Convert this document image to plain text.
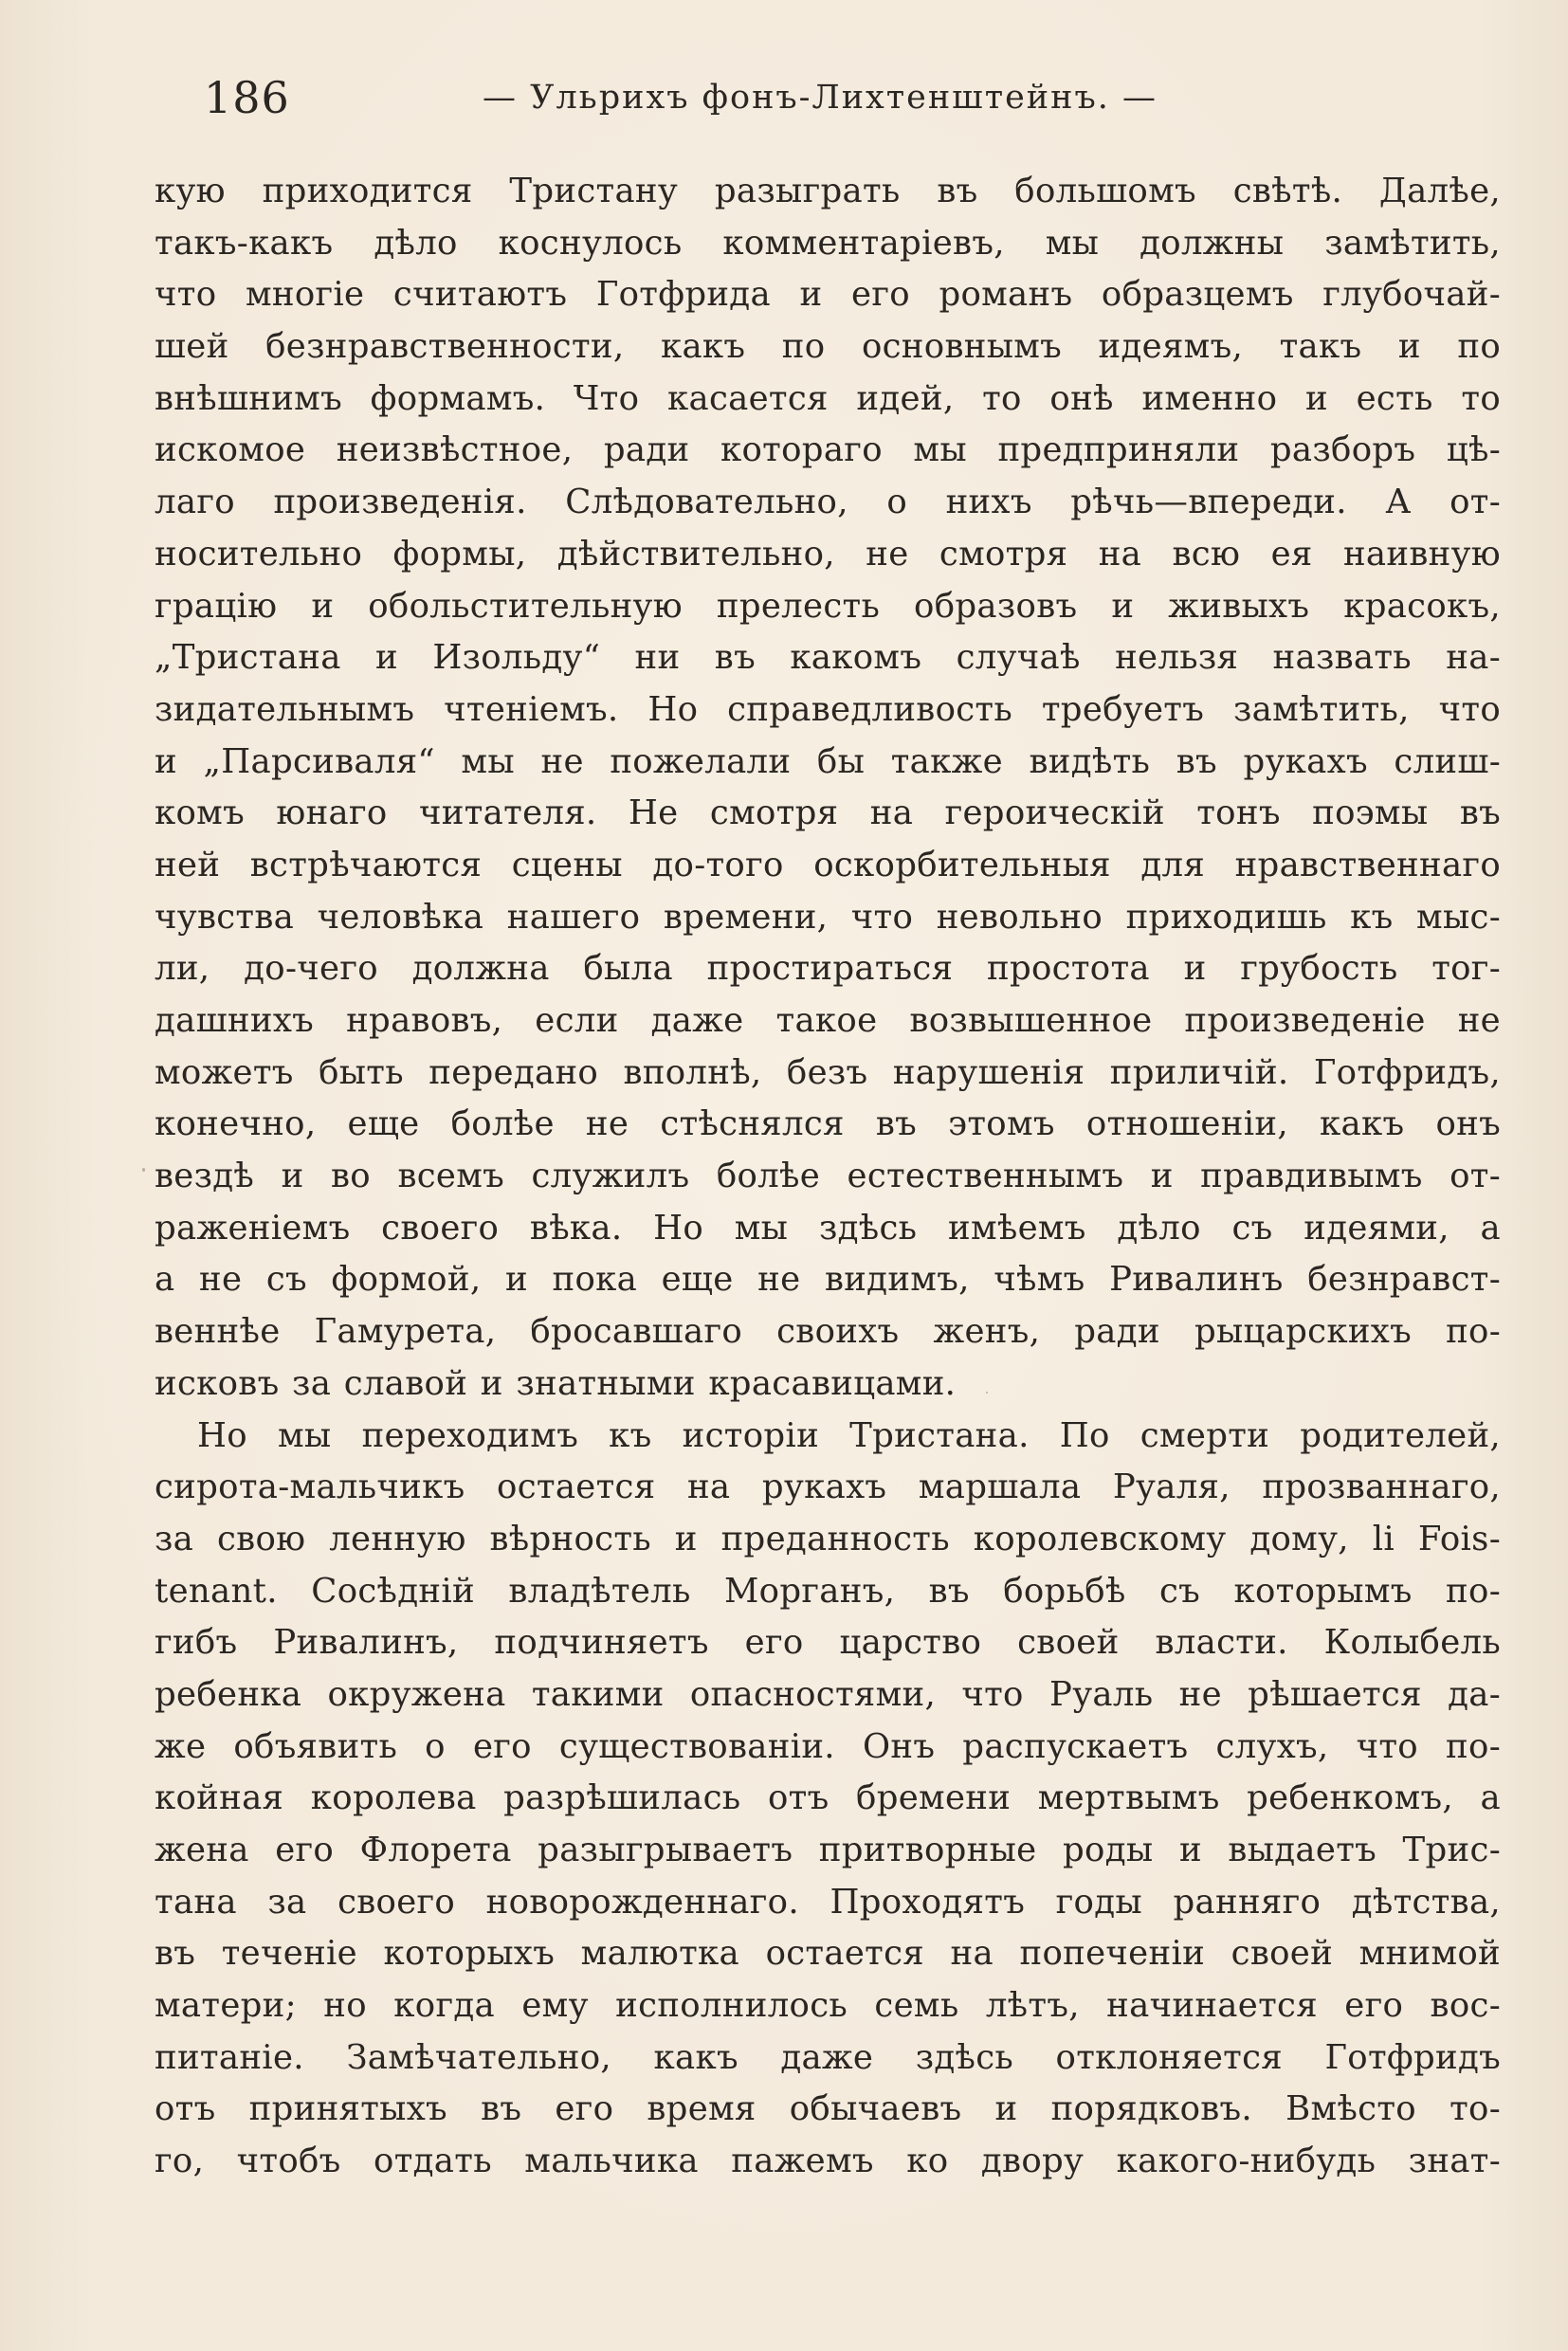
186	— Ульрихъ фонъ-Лихтенштейнъ. —
кую приходится Тристану разыграть въ большомъ свѣтѣ. Далѣе,
такъ-какъ дѣло коснулось комментаріевъ, мы должны замѣтить,
что многіе считаютъ Готфрида и его романъ образцемъ глубочай-
шей безнравственности, какъ по основнымъ идеямъ, такъ и по
внѣшнимъ формамъ. Что касается идей, то онѣ именно и есть то
искомое неизвѣстное, ради котораго мы предприняли разборъ цѣ-
лаго произведенія. Слѣдовательно, о нихъ рѣчь—впереди. А от-
носительно формы, дѣйствительно, не смотря на всю ея наивную
грацію и обольстительную прелесть образовъ и живыхъ красокъ,
„Тристана и Изольду“ ни въ какомъ случаѣ нельзя назвать на-
зидательнымъ чтеніемъ. Но справедливость требуетъ замѣтить, что
и „Парсиваля“ мы не пожелали бы также видѣть въ рукахъ слиш-
комъ юнаго читателя. Не смотря на героическій тонъ поэмы въ
ней встрѣчаются сцены до-того оскорбительныя для нравственнаго
чувства человѣка нашего времени, что невольно приходишь къ мыс-
ли, до-чего должна была простираться простота и грубость тог-
дашнихъ нравовъ, если даже такое возвышенное произведеніе не
можетъ быть передано вполнѣ, безъ нарушенія приличій. Готфридъ,
конечно, еще болѣе не стѣснялся въ этомъ отношеніи, какъ онъ
вездѣ и во всемъ служилъ болѣе естественнымъ и правдивымъ от-
раженіемъ своего вѣка. Но мы здѣсь имѣемъ дѣло съ идеями, а
а не съ формой, и пока еще не видимъ, чѣмъ Ривалинъ безнравст-
веннѣе Гамурета, бросавшаго своихъ женъ, ради рыцарскихъ по-
исковъ за славой и знатными красавицами.
Но мы переходимъ къ исторіи Тристана. По смерти родителей,
сирота-мальчикъ остается на рукахъ маршала Руаля, прозваннаго,
за свою ленную вѣрность и преданность королевскому дому, li Fois-
tenant. Сосѣдній владѣтель Морганъ, въ борьбѣ съ которымъ по-
гибъ Ривалинъ, подчиняетъ его царство своей власти. Колыбель
ребенка окружена такими опасностями, что Руаль не рѣшается да-
же объявить о его существованіи. Онъ распускаетъ слухъ, что по-
койная королева разрѣшилась отъ бремени мертвымъ ребенкомъ, а
жена его Флорета разыгрываетъ притворные роды и выдаетъ Трис-
тана за своего новорожденнаго. Проходятъ годы ранняго дѣтства,
въ теченіе которыхъ малютка остается на попеченіи своей мнимой
матери; но когда ему исполнилось семь лѣтъ, начинается его вос-
питаніе. Замѣчательно, какъ даже здѣсь отклоняется Готфридъ
отъ принятыхъ въ его время обычаевъ и порядковъ. Вмѣсто то-
го, чтобъ отдать мальчика пажемъ ко двору какого-нибудь знат-
